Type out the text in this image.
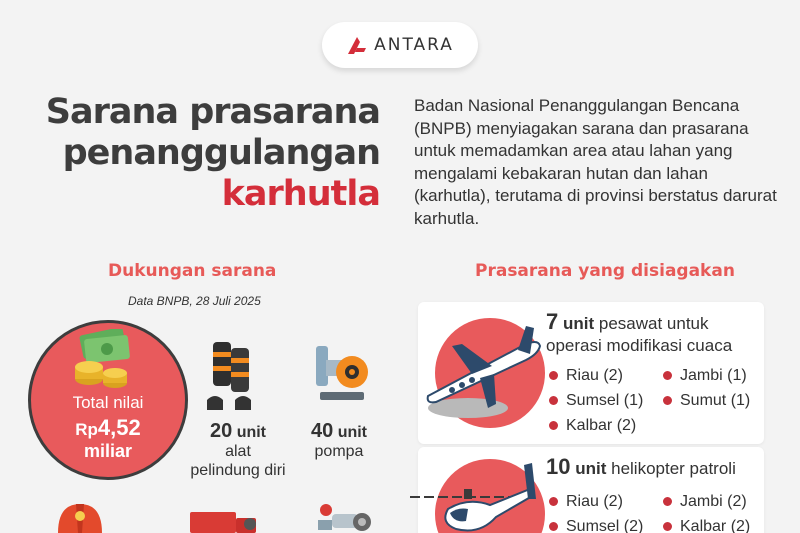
ANTARA
Sarana prasarana
penanggulangan
karhutla

Badan Nasional Penanggulangan Bencana (BNPB) menyiagakan sarana dan prasarana untuk memadamkan area atau lahan yang mengalami kebakaran hutan dan lahan (karhutla), terutama di provinsi berstatus darurat karhutla.

Dukungan sarana
Data BNPB, 28 Juli 2025
Total nilai
Rp4,52
miliar
20 unit
alat pelindung diri
40 unit
pompa
Prasarana yang disiagakan
7 unit pesawat untuk operasi modifikasi cuaca
Riau (2)
Sumsel (1)
Kalbar (2)
Jambi (1)
Sumut (1)
10 unit helikopter patroli
Riau (2)
Sumsel (2)
Jambi (2)
Kalbar (2)
